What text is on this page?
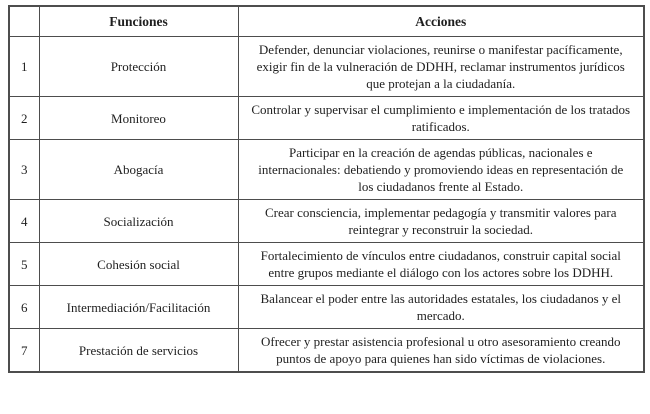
	Funciones	Acciones
1	Protección	Defender, denunciar violaciones, reunirse o manifestar pacíficamente, exigir fin de la vulneración de DDHH, reclamar instrumentos jurídicos que protejan a la ciudadanía.
2	Monitoreo	Controlar y supervisar el cumplimiento e implementación de los tratados ratificados.
3	Abogacía	Participar en la creación de agendas públicas, nacionales e internacionales: debatiendo y promoviendo ideas en representación de los ciudadanos frente al Estado.
4	Socialización	Crear consciencia, implementar pedagogía y transmitir valores para reintegrar y reconstruir la sociedad.
5	Cohesión social	Fortalecimiento de vínculos entre ciudadanos, construir capital social entre grupos mediante el diálogo con los actores sobre los DDHH.
6	Intermediación/Facilitación	Balancear el poder entre las autoridades estatales, los ciudadanos y el mercado.
7	Prestación de servicios	Ofrecer y prestar asistencia profesional u otro asesoramiento creando puntos de apoyo para quienes han sido víctimas de violaciones.
